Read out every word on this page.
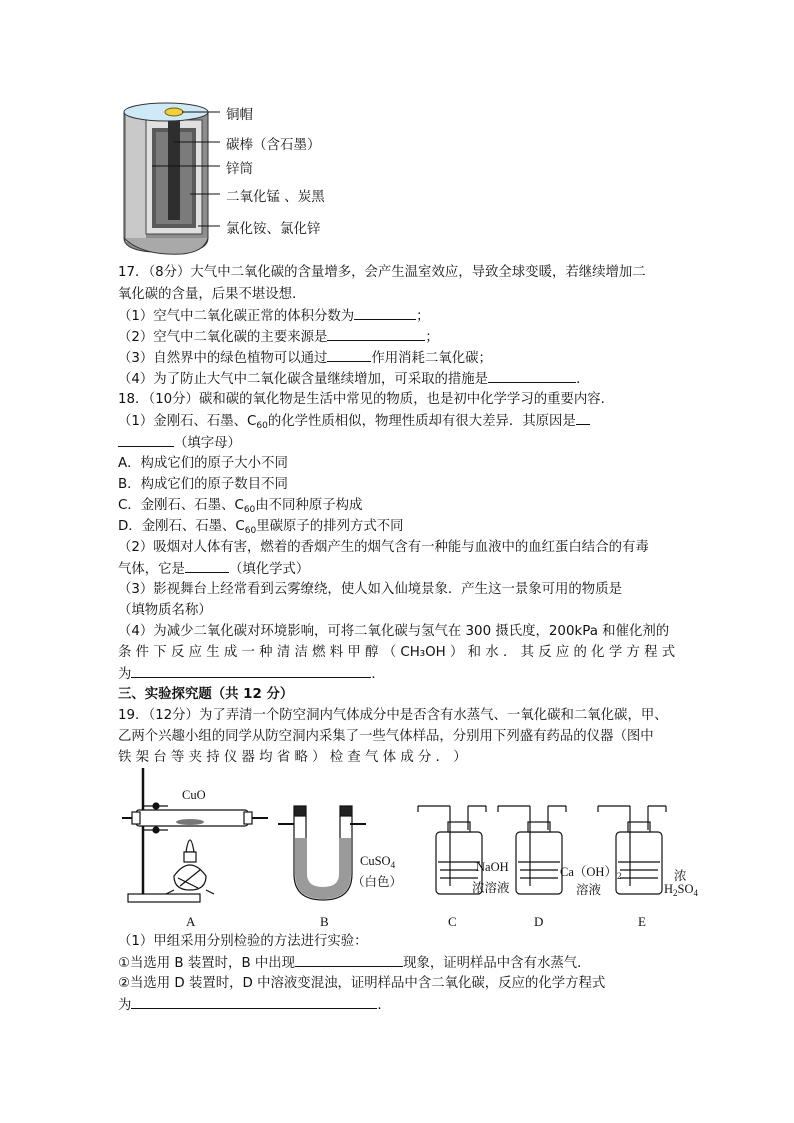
铜帽
碳棒（含石墨）
锌筒
二氧化锰 、炭黑
氯化铵、氯化锌
17．（8分）大气中二氧化碳的含量增多，会产生温室效应，导致全球变暖，若继续增加二
氧化碳的含量，后果不堪设想．
（1）空气中二氧化碳正常的体积分数为	；
（2）空气中二氧化碳的主要来源是	；
（3）自然界中的绿色植物可以通过	作用消耗二氧化碳；
（4）为了防止大气中二氧化碳含量继续增加，可采取的措施是	．
18．（10分）碳和碳的氧化物是生活中常见的物质，也是初中化学学习的重要内容．
（1）金刚石、石墨、$C_{60}$的化学性质相似，物理性质却有很大差异．其原因是
（填字母）
A．构成它们的原子大小不同
B．构成它们的原子数目不同
C．金刚石、石墨、$C_{60}$由不同种原子构成
D．金刚石、石墨、$C_{60}$里碳原子的排列方式不同
（2）吸烟对人体有害，燃着的香烟产生的烟气含有一种能与血液中的血红蛋白结合的有毒
气体，它是	（填化学式）
（3）影视舞台上经常看到云雾缭绕，使人如入仙境景象．产生这一景象可用的物质是
（填物质名称）
（4）为减少二氧化碳对环境影响，可将二氧化碳与氢气在 300 摄氏度，200kPa 和催化剂的
条 件 下 反 应 生 成 一 种 清 洁 燃 料 甲 醇 （ CH₃OH ） 和 水 ． 其 反 应 的 化 学 方 程 式
为	．
三、实验探究题（共 12 分）
19．（12分）为了弄清一个防空洞内气体成分中是否含有水蒸气、一氧化碳和二氧化碳，甲、
乙两个兴趣小组的同学从防空洞内采集了一些气体样品，分别用下列盛有药品的仪器（图中
铁 架 台 等 夹 持 仪 器 均 省 略 ） 检 查 气 体 成 分 ． ）
CuO
CuSO$_4$
（白色）
NaOH
浓溶液
$Ca(OH)_2$
溶液
浓
$H_2SO_4$
A	B	C	D	E
（1）甲组采用分别检验的方法进行实验：
①当选用 B 装置时，B 中出现	现象，证明样品中含有水蒸气．
②当选用 D 装置时，D 中溶液变混浊，证明样品中含二氧化碳，反应的化学方程式
为	．
